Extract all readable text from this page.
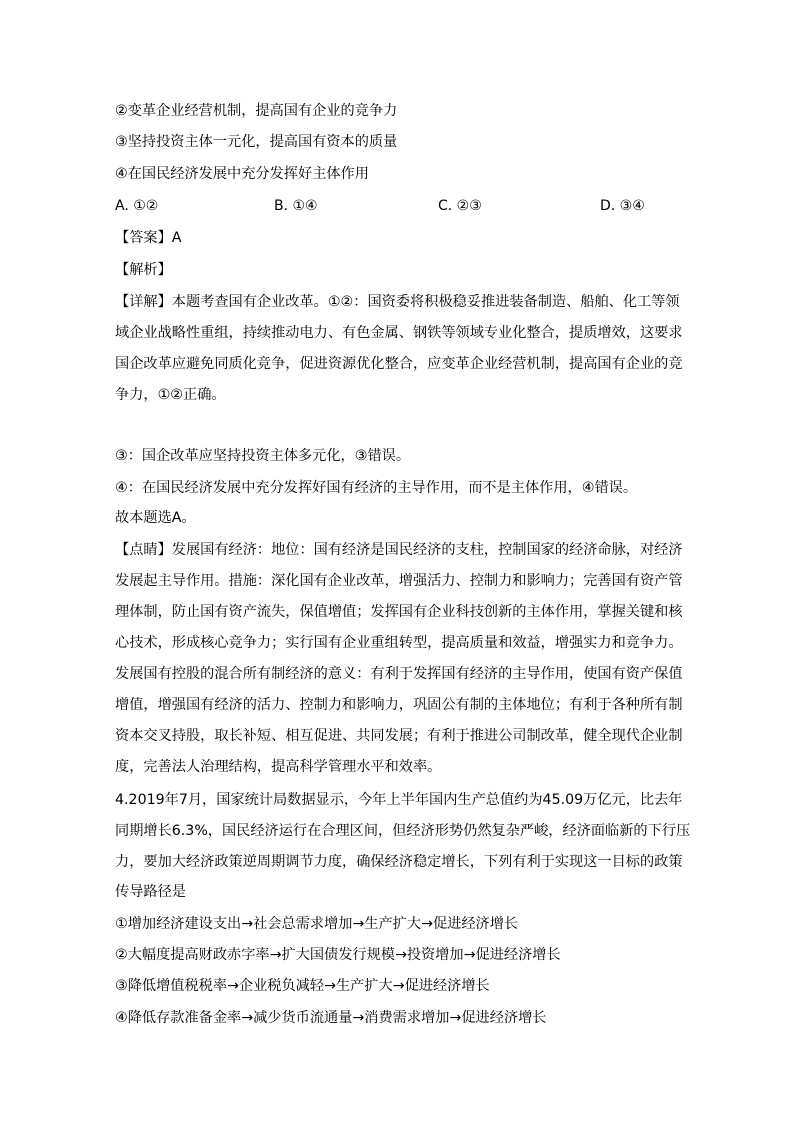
②变革企业经营机制，提高国有企业的竞争力
③坚持投资主体一元化，提高国有资本的质量
④在国民经济发展中充分发挥好主体作用
A. ①②	B. ①④	C. ②③	D. ③④
【答案】A
【解析】
【详解】本题考查国有企业改革。①②：国资委将积极稳妥推进装备制造、船舶、化工等领
域企业战略性重组，持续推动电力、有色金属、钢铁等领域专业化整合，提质增效，这要求
国企改革应避免同质化竞争，促进资源优化整合，应变革企业经营机制，提高国有企业的竞
争力，①②正确。
③：国企改革应坚持投资主体多元化，③错误。
④：在国民经济发展中充分发挥好国有经济的主导作用，而不是主体作用，④错误。
故本题选A。
【点睛】发展国有经济：地位：国有经济是国民经济的支柱，控制国家的经济命脉，对经济
发展起主导作用。措施：深化国有企业改革，增强活力、控制力和影响力；完善国有资产管
理体制，防止国有资产流失，保值增值；发挥国有企业科技创新的主体作用，掌握关键和核
心技术，形成核心竞争力；实行国有企业重组转型，提高质量和效益，增强实力和竞争力。
发展国有控股的混合所有制经济的意义：有利于发挥国有经济的主导作用，使国有资产保值
增值，增强国有经济的活力、控制力和影响力，巩固公有制的主体地位；有利于各种所有制
资本交叉持股，取长补短、相互促进、共同发展；有利于推进公司制改革，健全现代企业制
度，完善法人治理结构，提高科学管理水平和效率。
4.2019年7月，国家统计局数据显示，今年上半年国内生产总值约为45.09万亿元，比去年
同期增长6.3%，国民经济运行在合理区间，但经济形势仍然复杂严峻，经济面临新的下行压
力，要加大经济政策逆周期调节力度，确保经济稳定增长，下列有利于实现这一目标的政策
传导路径是
①增加经济建设支出→社会总需求增加→生产扩大→促进经济增长
②大幅度提高财政赤字率→扩大国债发行规模→投资增加→促进经济增长
③降低增值税税率→企业税负减轻→生产扩大→促进经济增长
④降低存款准备金率→减少货币流通量→消费需求增加→促进经济增长
